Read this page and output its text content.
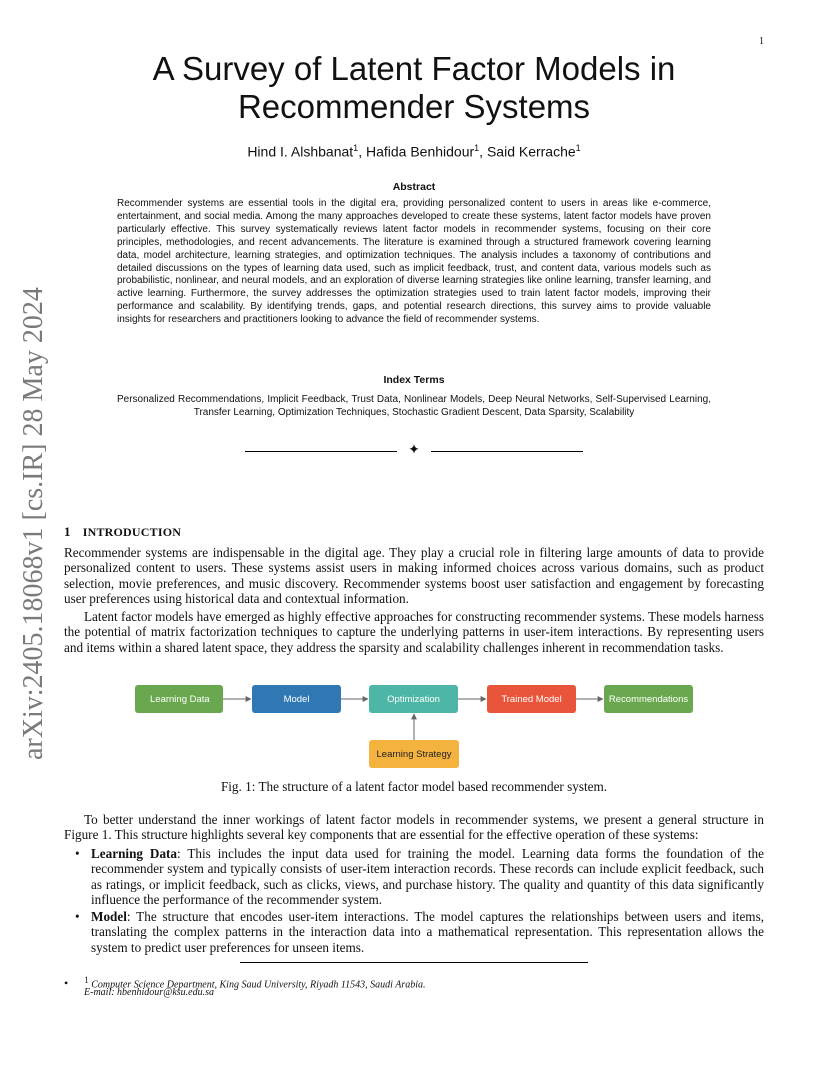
1
arXiv:2405.18068v1 [cs.IR] 28 May 2024
A Survey of Latent Factor Models in
Recommender Systems
Hind I. Alshbanat$^1$, Hafida Benhidour$^1$, Said Kerrache$^1$
Abstract
Recommender systems are essential tools in the digital era, providing personalized content to users in areas like e-commerce, entertainment, and social media. Among the many approaches developed to create these systems, latent factor models have proven particularly effective. This survey systematically reviews latent factor models in recommender systems, focusing on their core principles, methodologies, and recent advancements. The literature is examined through a structured framework covering learning data, model architecture, learning strategies, and optimization techniques. The analysis includes a taxonomy of contributions and detailed discussions on the types of learning data used, such as implicit feedback, trust, and content data, various models such as probabilistic, nonlinear, and neural models, and an exploration of diverse learning strategies like online learning, transfer learning, and active learning. Furthermore, the survey addresses the optimization strategies used to train latent factor models, improving their performance and scalability. By identifying trends, gaps, and potential research directions, this survey aims to provide valuable insights for researchers and practitioners looking to advance the field of recommender systems.
Index Terms
Personalized Recommendations, Implicit Feedback, Trust Data, Nonlinear Models, Deep Neural Networks, Self-Supervised Learning, Transfer Learning, Optimization Techniques, Stochastic Gradient Descent, Data Sparsity, Scalability
✦
1 INTRODUCTION
Recommender systems are indispensable in the digital age. They play a crucial role in filtering large amounts of data to provide personalized content to users. These systems assist users in making informed choices across various domains, such as product selection, movie preferences, and music discovery. Recommender systems boost user satisfaction and engagement by forecasting user preferences using historical data and contextual information.
Latent factor models have emerged as highly effective approaches for constructing recommender systems. These models harness the potential of matrix factorization techniques to capture the underlying patterns in user-item interactions. By representing users and items within a shared latent space, they address the sparsity and scalability challenges inherent in recommendation tasks.
Learning Data	Model	Optimization	Trained Model	Recommendations
Learning Strategy
Fig. 1: The structure of a latent factor model based recommender system.
To better understand the inner workings of latent factor models in recommender systems, we present a general structure in Figure 1. This structure highlights several key components that are essential for the effective operation of these systems:
• Learning Data: This includes the input data used for training the model. Learning data forms the foundation of the recommender system and typically consists of user-item interaction records. These records can include explicit feedback, such as ratings, or implicit feedback, such as clicks, views, and purchase history. The quality and quantity of this data significantly influence the performance of the recommender system.
• Model: The structure that encodes user-item interactions. The model captures the relationships between users and items, translating the complex patterns in the interaction data into a mathematical representation. This representation allows the system to predict user preferences for unseen items.
• $^1$ Computer Science Department, King Saud University, Riyadh 11543, Saudi Arabia.
E-mail: hbenhidour@ksu.edu.sa
